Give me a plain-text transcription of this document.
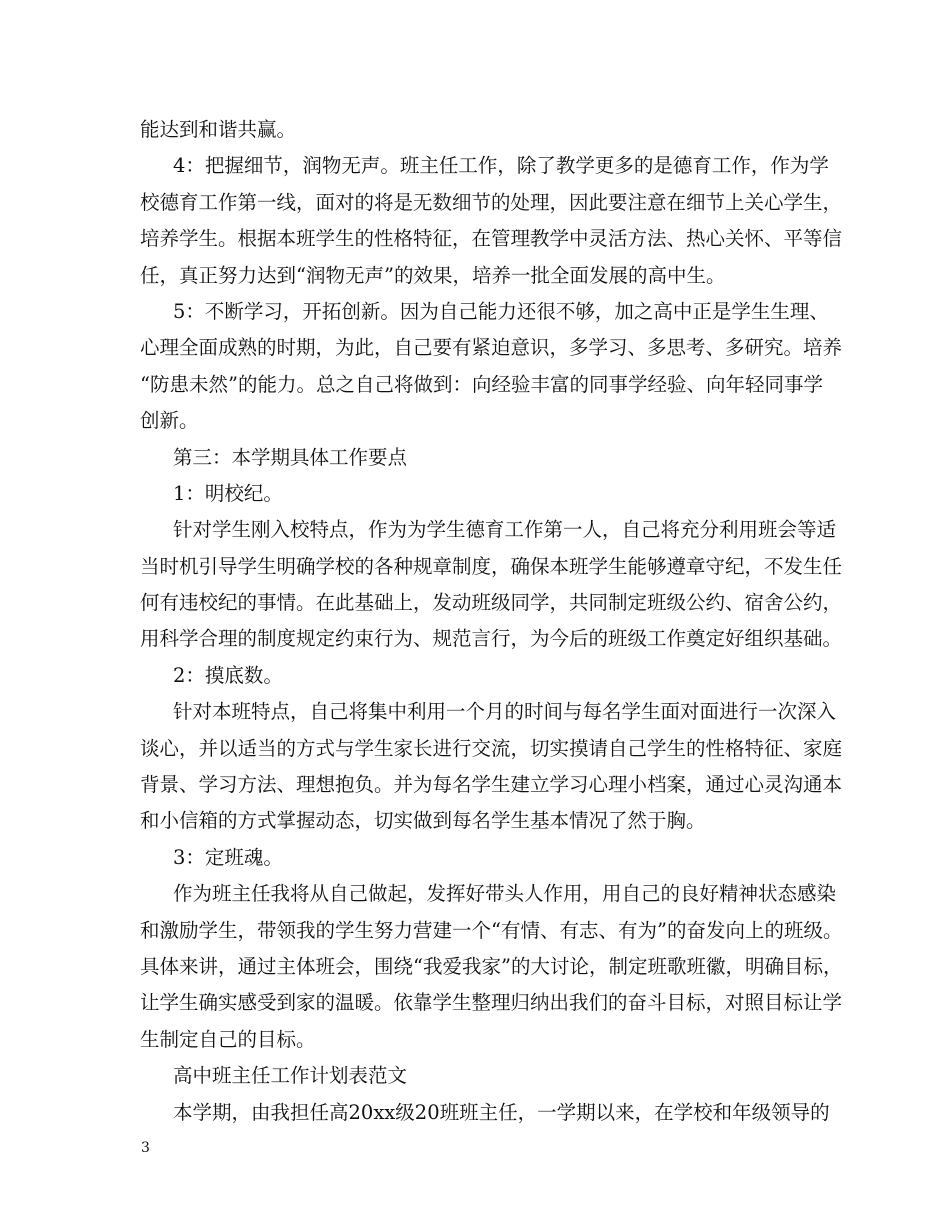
能达到和谐共赢。
4：把握细节，润物无声。班主任工作，除了教学更多的是德育工作，作为学
校德育工作第一线，面对的将是无数细节的处理，因此要注意在细节上关心学生，
培养学生。根据本班学生的性格特征，在管理教学中灵活方法、热心关怀、平等信
任，真正努力达到“润物无声”的效果，培养一批全面发展的高中生。
5：不断学习，开拓创新。因为自己能力还很不够，加之高中正是学生生理、
心理全面成熟的时期，为此，自己要有紧迫意识，多学习、多思考、多研究。培养
“防患未然”的能力。总之自己将做到：向经验丰富的同事学经验、向年轻同事学
创新。
第三：本学期具体工作要点
1：明校纪。
针对学生刚入校特点，作为为学生德育工作第一人，自己将充分利用班会等适
当时机引导学生明确学校的各种规章制度，确保本班学生能够遵章守纪，不发生任
何有违校纪的事情。在此基础上，发动班级同学，共同制定班级公约、宿舍公约，
用科学合理的制度规定约束行为、规范言行，为今后的班级工作奠定好组织基础。
2：摸底数。
针对本班特点，自己将集中利用一个月的时间与每名学生面对面进行一次深入
谈心，并以适当的方式与学生家长进行交流，切实摸请自己学生的性格特征、家庭
背景、学习方法、理想抱负。并为每名学生建立学习心理小档案，通过心灵沟通本
和小信箱的方式掌握动态，切实做到每名学生基本情况了然于胸。
3：定班魂。
作为班主任我将从自己做起，发挥好带头人作用，用自己的良好精神状态感染
和激励学生，带领我的学生努力营建一个“有情、有志、有为”的奋发向上的班级。
具体来讲，通过主体班会，围绕“我爱我家”的大讨论，制定班歌班徽，明确目标，
让学生确实感受到家的温暖。依靠学生整理归纳出我们的奋斗目标，对照目标让学
生制定自己的目标。
高中班主任工作计划表范文
本学期，由我担任高20xx级20班班主任，一学期以来，在学校和年级领导的
3
